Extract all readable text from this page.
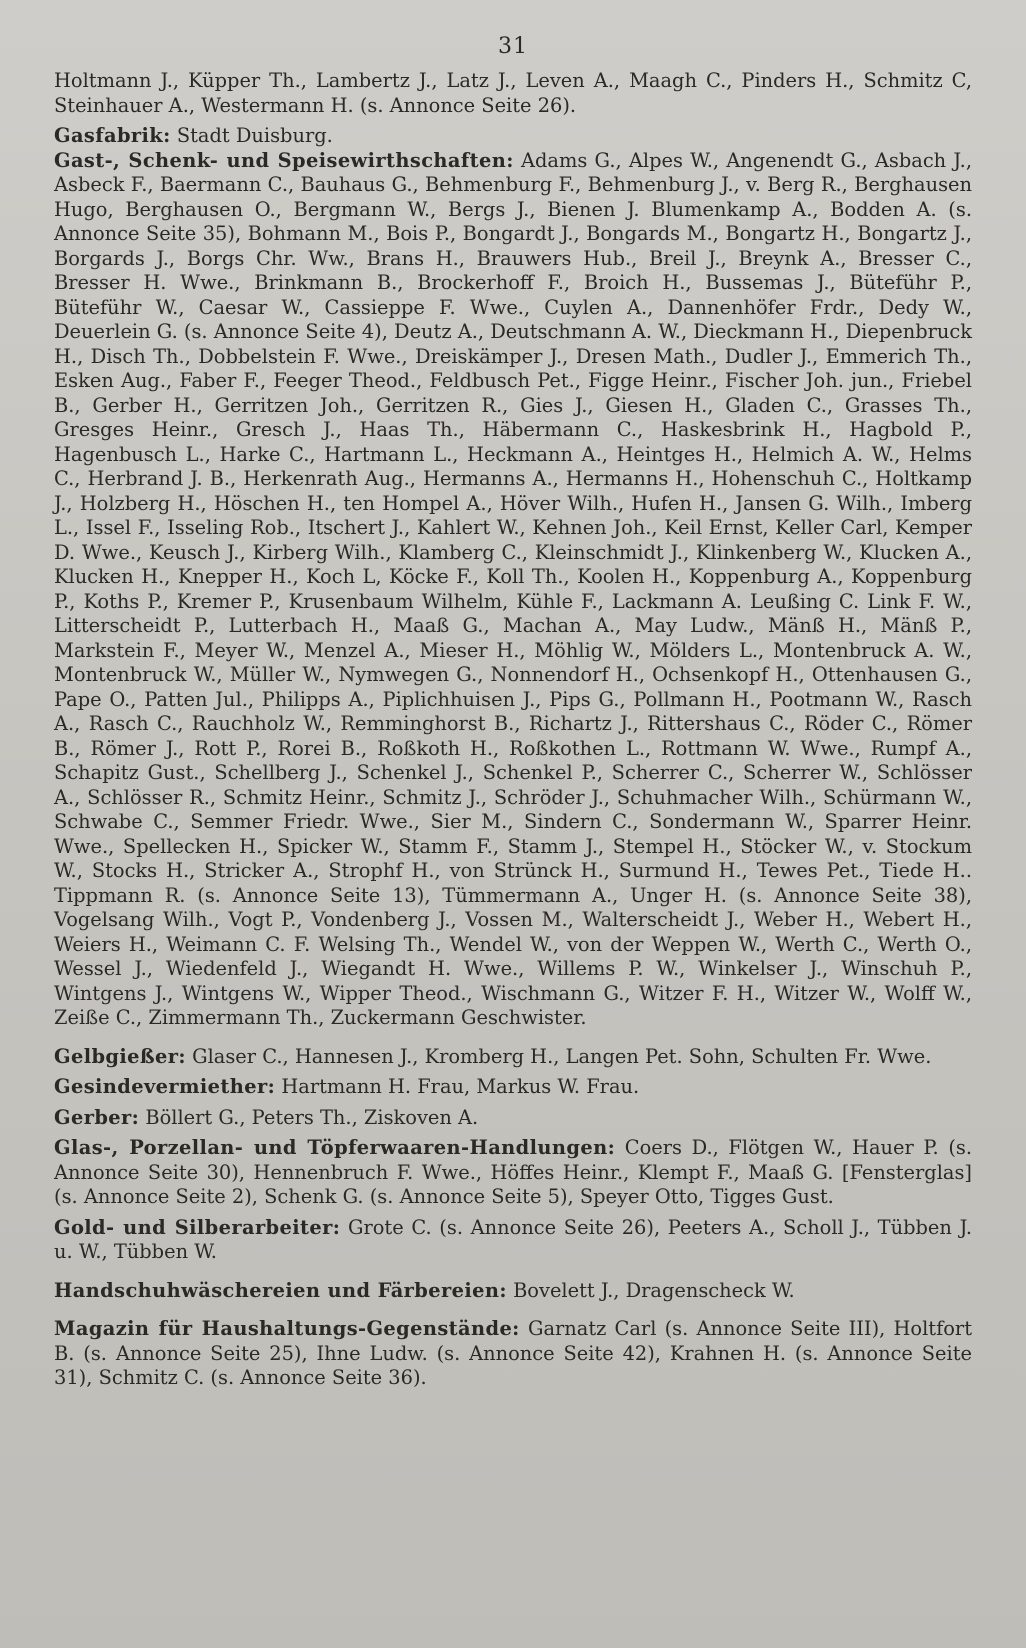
31
Holtmann J., Küpper Th., Lambertz J., Latz J., Leven A., Maagh C., Pinders H., Schmitz C, Steinhauer A., Westermann H. (s. Annonce Seite 26).
Gasfabrik: Stadt Duisburg.
Gast-, Schenk- und Speisewirthschaften: Adams G., Alpes W., Angenendt G., Asbach J., Asbeck F., Baermann C., Bauhaus G., Behmenburg F., Behmenburg J., v. Berg R., Berghausen Hugo, Berghausen O., Bergmann W., Bergs J., Bienen J. Blumenkamp A., Bodden A. (s. Annonce Seite 35), Bohmann M., Bois P., Bongardt J., Bongards M., Bongartz H., Bongartz J., Borgards J., Borgs Chr. Ww., Brans H., Brauwers Hub., Breil J., Breynk A., Bresser C., Bresser H. Wwe., Brinkmann B., Brockerhoff F., Broich H., Bussemas J., Büteführ P., Büteführ W., Caesar W., Cassieppe F. Wwe., Cuylen A., Dannenhöfer Frdr., Dedy W., Deuerlein G. (s. Annonce Seite 4), Deutz A., Deutschmann A. W., Dieckmann H., Diepenbruck H., Disch Th., Dobbelstein F. Wwe., Dreiskämper J., Dresen Math., Dudler J., Emmerich Th., Esken Aug., Faber F., Feeger Theod., Feldbusch Pet., Figge Heinr., Fischer Joh. jun., Friebel B., Gerber H., Gerritzen Joh., Gerritzen R., Gies J., Giesen H., Gladen C., Grasses Th., Gresges Heinr., Gresch J., Haas Th., Häbermann C., Haskesbrink H., Hagbold P., Hagenbusch L., Harke C., Hartmann L., Heckmann A., Heintges H., Helmich A. W., Helms C., Herbrand J. B., Herkenrath Aug., Hermanns A., Hermanns H., Hohenschuh C., Holtkamp J., Holzberg H., Höschen H., ten Hompel A., Höver Wilh., Hufen H., Jansen G. Wilh., Imberg L., Issel F., Isseling Rob., Itschert J., Kahlert W., Kehnen Joh., Keil Ernst, Keller Carl, Kemper D. Wwe., Keusch J., Kirberg Wilh., Klamberg C., Kleinschmidt J., Klinkenberg W., Klucken A., Klucken H., Knepper H., Koch L, Köcke F., Koll Th., Koolen H., Koppenburg A., Koppenburg P., Koths P., Kremer P., Krusenbaum Wilhelm, Kühle F., Lackmann A. Leußing C. Link F. W., Litterscheidt P., Lutterbach H., Maaß G., Machan A., May Ludw., Mänß H., Mänß P., Markstein F., Meyer W., Menzel A., Mieser H., Möhlig W., Mölders L., Montenbruck A. W., Montenbruck W., Müller W., Nymwegen G., Nonnendorf H., Ochsenkopf H., Ottenhausen G., Pape O., Patten Jul., Philipps A., Piplichhuisen J., Pips G., Pollmann H., Pootmann W., Rasch A., Rasch C., Rauchholz W., Remminghorst B., Richartz J., Rittershaus C., Röder C., Römer B., Römer J., Rott P., Rorei B., Roßkoth H., Roßkothen L., Rottmann W. Wwe., Rumpf A., Schapitz Gust., Schellberg J., Schenkel J., Schenkel P., Scherrer C., Scherrer W., Schlösser A., Schlösser R., Schmitz Heinr., Schmitz J., Schröder J., Schuhmacher Wilh., Schürmann W., Schwabe C., Semmer Friedr. Wwe., Sier M., Sindern C., Sondermann W., Sparrer Heinr. Wwe., Spellecken H., Spicker W., Stamm F., Stamm J., Stempel H., Stöcker W., v. Stockum W., Stocks H., Stricker A., Strophf H., von Strünck H., Surmund H., Tewes Pet., Tiede H.. Tippmann R. (s. Annonce Seite 13), Tümmermann A., Unger H. (s. Annonce Seite 38), Vogelsang Wilh., Vogt P., Vondenberg J., Vossen M., Walterscheidt J., Weber H., Webert H., Weiers H., Weimann C. F. Welsing Th., Wendel W., von der Weppen W., Werth C., Werth O., Wessel J., Wiedenfeld J., Wiegandt H. Wwe., Willems P. W., Winkelser J., Winschuh P., Wintgens J., Wintgens W., Wipper Theod., Wischmann G., Witzer F. H., Witzer W., Wolff W., Zeiße C., Zimmermann Th., Zuckermann Geschwister.
Gelbgießer: Glaser C., Hannesen J., Kromberg H., Langen Pet. Sohn, Schulten Fr. Wwe.
Gesindevermiether: Hartmann H. Frau, Markus W. Frau.
Gerber: Böllert G., Peters Th., Ziskoven A.
Glas-, Porzellan- und Töpferwaaren-Handlungen: Coers D., Flötgen W., Hauer P. (s. Annonce Seite 30), Hennenbruch F. Wwe., Höffes Heinr., Klempt F., Maaß G. [Fensterglas] (s. Annonce Seite 2), Schenk G. (s. Annonce Seite 5), Speyer Otto, Tigges Gust.
Gold- und Silberarbeiter: Grote C. (s. Annonce Seite 26), Peeters A., Scholl J., Tübben J. u. W., Tübben W.
Handschuhwäschereien und Färbereien: Bovelett J., Dragenscheck W.
Magazin für Haushaltungs-Gegenstände: Garnatz Carl (s. Annonce Seite III), Holtfort B. (s. Annonce Seite 25), Ihne Ludw. (s. Annonce Seite 42), Krahnen H. (s. Annonce Seite 31), Schmitz C. (s. Annonce Seite 36).
